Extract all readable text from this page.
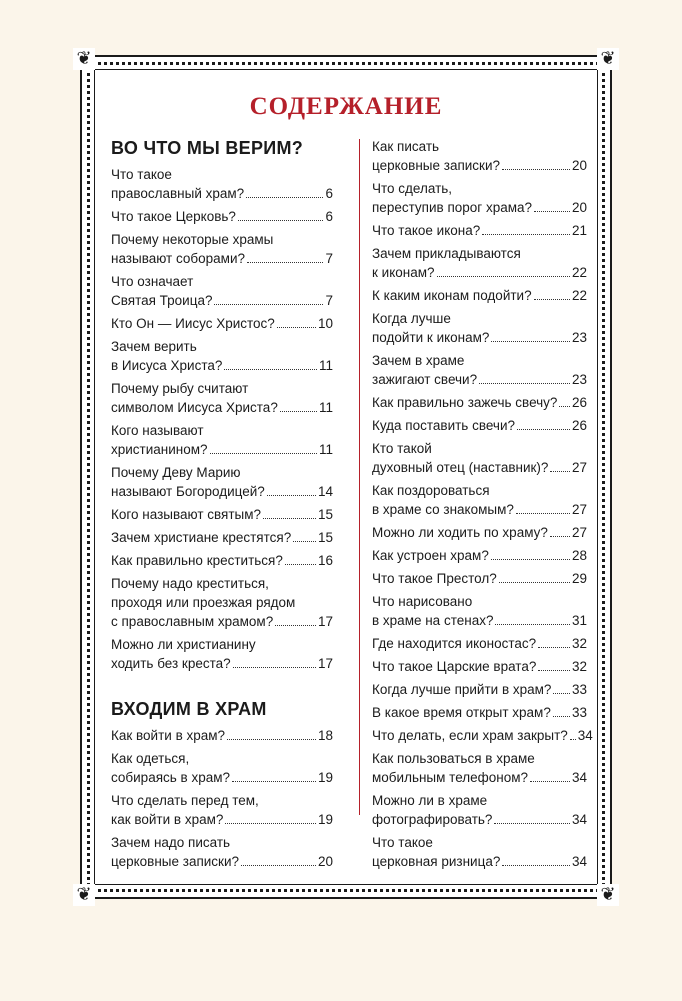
❦	❦
❦	❦
СОДЕРЖАНИЕ
ВО ЧТО МЫ ВЕРИМ?
Что такое
православный храм?	6
Что такое Церковь?	6
Почему некоторые храмы
называют соборами?	7
Что означает
Святая Троица?	7
Кто Он — Иисус Христос?	10
Зачем верить
в Иисуса Христа?	11
Почему рыбу считают
символом Иисуса Христа?	11
Кого называют
христианином?	11
Почему Деву Марию
называют Богородицей?	14
Кого называют святым?	15
Зачем христиане крестятся? 15
Как правильно креститься?	16
Почему надо креститься,
проходя или проезжая рядом
с православным храмом?	17
Можно ли христианину
ходить без креста?	17
ВХОДИМ В ХРАМ
Как войти в храм?	18
Как одеться,
собираясь в храм?	19
Что сделать перед тем,
как войти в храм?	19
Зачем надо писать
церковные записки?	20
Как писать
церковные записки?	20
Что сделать,
переступив порог храма?	20
Что такое икона?	21
Зачем прикладываются
к иконам?	22
К каким иконам подойти?	22
Когда лучше
подойти к иконам?	23
Зачем в храме
зажигают свечи?	23
Как правильно зажечь свечу? 26
Куда поставить свечи?	26
Кто такой
духовный отец (наставник)? 27
Как поздороваться
в храме со знакомым?	27
Можно ли ходить по храму? 27
Как устроен храм?	28
Что такое Престол?	29
Что нарисовано
в храме на стенах?	31
Где находится иконостас?	32
Что такое Царские врата?	32
Когда лучше прийти в храм? 33
В какое время открыт храм? 33
Что делать, если храм закрыт? 34
Как пользоваться в храме
мобильным телефоном?	34
Можно ли в храме
фотографировать?	34
Что такое
церковная ризница?	34
